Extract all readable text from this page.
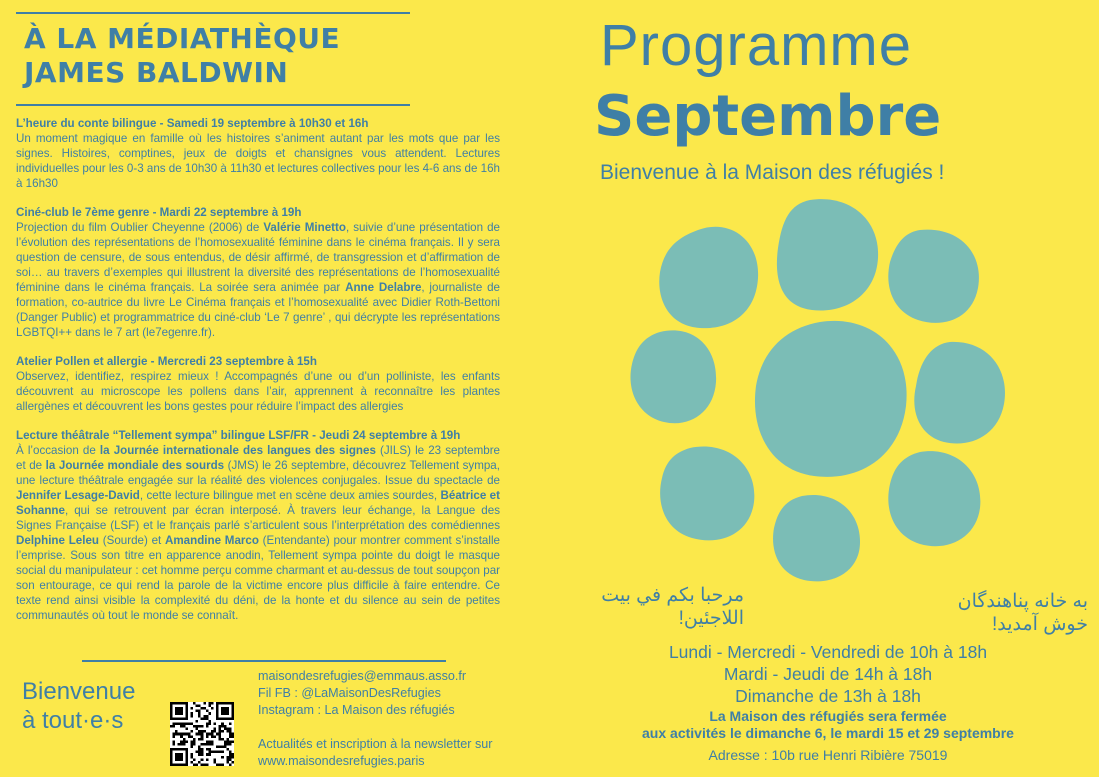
À LA MÉDIATHÈQUE
JAMES BALDWIN
L’heure du conte bilingue - Samedi 19 septembre à 10h30 et 16h
Un moment magique en famille où les histoires s’animent autant par les mots que par les signes. Histoires, comptines, jeux de doigts et chansignes vous attendent. Lectures individuelles pour les 0-3 ans de 10h30 à 11h30 et lectures collectives pour les 4-6 ans de 16h à 16h30
Ciné-club le 7ème genre - Mardi 22 septembre à 19h
Projection du film Oublier Cheyenne (2006) de Valérie Minetto, suivie d’une présentation de l’évolution des représentations de l’homosexualité féminine dans le cinéma français. Il y sera question de censure, de sous entendus, de désir affirmé, de transgression et d’affirmation de soi… au travers d’exemples qui illustrent la diversité des représentations de l’homosexualité féminine dans le cinéma français. La soirée sera animée par Anne Delabre, journaliste de formation, co-autrice du livre Le Cinéma français et l’homosexualité avec Didier Roth-Bettoni (Danger Public) et programmatrice du ciné-club ‘Le 7 genre’ , qui décrypte les représentations LGBTQI++ dans le 7 art (le7egenre.fr).
Atelier Pollen et allergie - Mercredi 23 septembre à 15h
Observez, identifiez, respirez mieux ! Accompagnés d’une ou d’un polliniste, les enfants découvrent au microscope les pollens dans l’air, apprennent à reconnaître les plantes allergènes et découvrent les bons gestes pour réduire l’impact des allergies
Lecture théâtrale “Tellement sympa” bilingue LSF/FR - Jeudi 24 septembre à 19h
À l’occasion de la Journée internationale des langues des signes (JILS) le 23 septembre et de la Journée mondiale des sourds (JMS) le 26 septembre, découvrez Tellement sympa, une lecture théâtrale engagée sur la réalité des violences conjugales. Issue du spectacle de Jennifer Lesage-David, cette lecture bilingue met en scène deux amies sourdes, Béatrice et Sohanne, qui se retrouvent par écran interposé. À travers leur échange, la Langue des Signes Française (LSF) et le français parlé s’articulent sous l’interprétation des comédiennes Delphine Leleu (Sourde) et Amandine Marco (Entendante) pour montrer comment s’installe l’emprise. Sous son titre en apparence anodin, Tellement sympa pointe du doigt le masque social du manipulateur : cet homme perçu comme charmant et au-dessus de tout soupçon par son entourage, ce qui rend la parole de la victime encore plus difficile à faire entendre. Ce texte rend ainsi visible la complexité du déni, de la honte et du silence au sein de petites communautés où tout le monde se connaît.
Bienvenue
à tout·e·s
maisondesrefugies@emmaus.asso.fr
Fil FB : @LaMaisonDesRefugies
Instagram : La Maison des réfugiés
Actualités et inscription à la newsletter sur
www.maisondesrefugies.paris
Programme
Septembre
Bienvenue à la Maison des réfugiés !
مرحبا بكم في بيت
اللاجئين!
به خانه پناهندگان
خوش آمدید!
Lundi - Mercredi - Vendredi de 10h à 18h
Mardi - Jeudi de 14h à 18h
Dimanche de 13h à 18h
La Maison des réfugiés sera fermée
aux activités le dimanche 6, le mardi 15 et 29 septembre
Adresse : 10b rue Henri Ribière 75019
